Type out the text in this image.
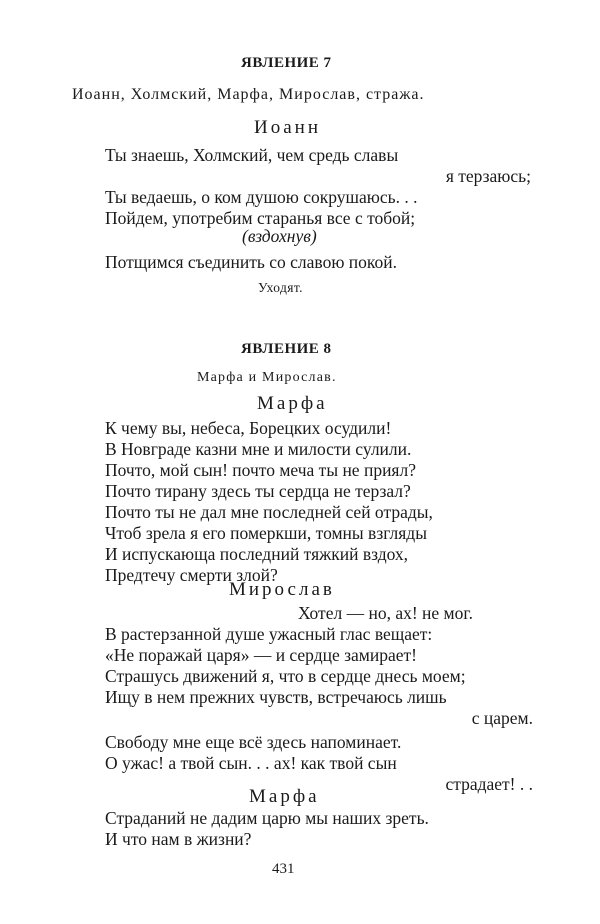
ЯВЛЕНИЕ 7
Иоанн, Холмский, Марфа, Мирослав, стража.
Иоанн
Ты знаешь, Холмский, чем средь славы
я терзаюсь;
Ты ведаешь, о ком душою сокрушаюсь. . .
Пойдем, употребим старанья все с тобой;
(вздохнув)
Потщимся съединить со славою покой.
Уходят.
ЯВЛЕНИЕ 8
Марфа и Мирослав.
Марфа
К чему вы, небеса, Борецких осудили!
В Новграде казни мне и милости сулили.
Почто, мой сын! почто меча ты не приял?
Почто тирану здесь ты сердца не терзал?
Почто ты не дал мне последней сей отрады,
Чтоб зрела я его померкши, томны взгляды
И испускающа последний тяжкий вздох,
Предтечу смерти злой?
Мирослав
Хотел — но, ах! не мог.
В растерзанной душе ужасный глас вещает:
«Не поражай царя» — и сердце замирает!
Страшусь движений я, что в сердце днесь моем;
Ищу в нем прежних чувств, встречаюсь лишь
с царем.
Свободу мне еще всё здесь напоминает.
О ужас! а твой сын. . . ах! как твой сын
страдает! . .
Марфа
Страданий не дадим царю мы наших зреть.
И что нам в жизни?
431
